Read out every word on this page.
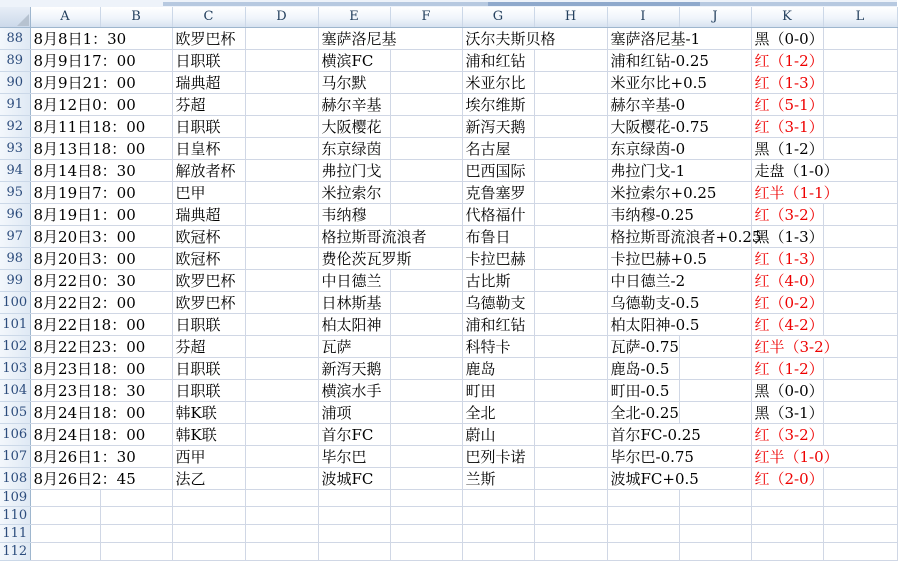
	A	B	C	D	E	F	G	H	I	J	K	L
88	8月8日1：30		欧罗巴杯		塞萨洛尼基		沃尔夫斯贝格		塞萨洛尼基-1		黑（0-0）	
89	8月9日17：00		日职联		横滨FC		浦和红钻		浦和红钻-0.25		红（1-2）	
90	8月9日21：00		瑞典超		马尔默		米亚尔比		米亚尔比+0.5		红（1-3）	
91	8月12日0：00		芬超		赫尔辛基		埃尔维斯		赫尔辛基-0		红（5-1）	
92	8月11日18：00		日职联		大阪樱花		新泻天鹅		大阪樱花-0.75		红（3-1）	
93	8月13日18：00		日皇杯		东京绿茵		名古屋		东京绿茵-0		黑（1-2）	
94	8月14日8：30		解放者杯		弗拉门戈		巴西国际		弗拉门戈-1		走盘（1-0）	
95	8月19日7：00		巴甲		米拉索尔		克鲁塞罗		米拉索尔+0.25		红半（1-1）	
96	8月19日1：00		瑞典超		韦纳穆		代格福什		韦纳穆-0.25		红（3-2）	
97	8月20日3：00		欧冠杯		格拉斯哥流浪者		布鲁日		格拉斯哥流浪者+0.25		黑（1-3）	
98	8月20日3：00		欧冠杯		费伦茨瓦罗斯		卡拉巴赫		卡拉巴赫+0.5		红（1-3）	
99	8月22日0：30		欧罗巴杯		中日德兰		古比斯		中日德兰-2		红（4-0）	
100	8月22日2：00		欧罗巴杯		日林斯基		乌德勒支		乌德勒支-0.5		红（0-2）	
101	8月22日18：00		日职联		柏太阳神		浦和红钻		柏太阳神-0.5		红（4-2）	
102	8月22日23：00		芬超		瓦萨		科特卡		瓦萨-0.75		红半（3-2）	
103	8月23日18：00		日职联		新泻天鹅		鹿岛		鹿岛-0.5		红（1-2）	
104	8月23日18：30		日职联		横滨水手		町田		町田-0.5		黑（0-0）	
105	8月24日18：00		韩K联		浦项		全北		全北-0.25		黑（3-1）	
106	8月24日18：00		韩K联		首尔FC		蔚山		首尔FC-0.25		红（3-2）	
107	8月26日1：30		西甲		毕尔巴		巴列卡诺		毕尔巴-0.75		红半（1-0）	
108	8月26日2：45		法乙		波城FC		兰斯		波城FC+0.5		红（2-0）	
109												
110												
111												
112												
